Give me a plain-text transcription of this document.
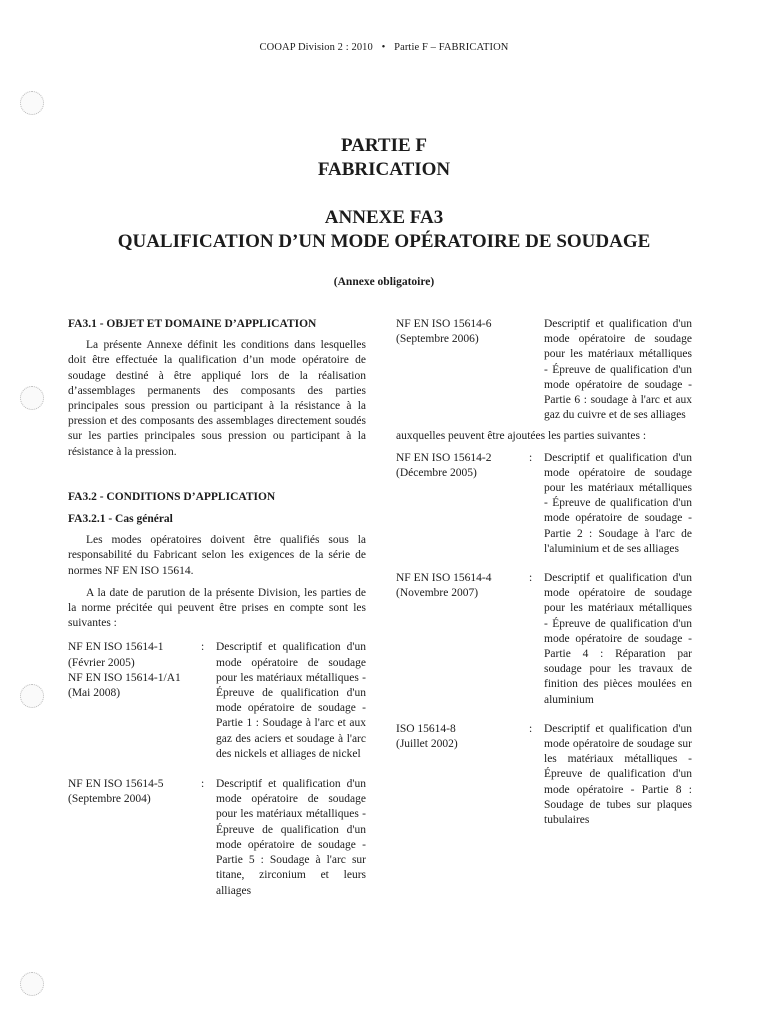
COOAP Division 2 : 2010 • Partie F – FABRICATION
PARTIE F
FABRICATION
ANNEXE FA3
QUALIFICATION D’UN MODE OPÉRATOIRE DE SOUDAGE
(Annexe obligatoire)
FA3.1 - OBJET ET DOMAINE D’APPLICATION

La présente Annexe définit les conditions dans lesquelles doit être effectuée la qualification d’un mode opératoire de soudage destiné à être appliqué lors de la réalisation d’assemblages permanents des composants des parties principales sous pression ou participant à la résistance à la pression et des composants des assemblages directement soudés sur les parties principales sous pression ou participant à la résistance à la pression.

FA3.2 - CONDITIONS D’APPLICATION
FA3.2.1 - Cas général

Les modes opératoires doivent être qualifiés sous la responsabilité du Fabricant selon les exigences de la série de normes NF EN ISO 15614.

A la date de parution de la présente Division, les parties de la norme précitée qui peuvent être prises en compte sont les suivantes :

NF EN ISO 15614-1
(Février 2005)
NF EN ISO 15614-1/A1
(Mai 2008)
:	Descriptif et qualification d'un mode opératoire de soudage pour les matériaux métalliques - Épreuve de qualification d'un mode opératoire de soudage - Partie 1 : Soudage à l'arc et aux gaz des aciers et soudage à l'arc des nickels et alliages de nickel
NF EN ISO 15614-5
(Septembre 2004)
:	Descriptif et qualification d'un mode opératoire de soudage pour les matériaux métalliques - Épreuve de qualification d'un mode opératoire de soudage - Partie 5 : Soudage à l'arc sur titane, zirconium et leurs alliages
NF EN ISO 15614-6
(Septembre 2006)
Descriptif et qualification d'un mode opératoire de soudage pour les matériaux métalliques - Épreuve de qualification d'un mode opératoire de soudage - Partie 6 : soudage à l'arc et aux gaz du cuivre et de ses alliages
auxquelles peuvent être ajoutées les parties suivantes :
NF EN ISO 15614-2
(Décembre 2005)
:	Descriptif et qualification d'un mode opératoire de soudage pour les matériaux métalliques - Épreuve de qualification d'un mode opératoire de soudage - Partie 2 : Soudage à l'arc de l'aluminium et de ses alliages
NF EN ISO 15614-4
(Novembre 2007)
:	Descriptif et qualification d'un mode opératoire de soudage pour les matériaux métalliques - Épreuve de qualification d'un mode opératoire de soudage - Partie 4 : Réparation par soudage pour les travaux de finition des pièces moulées en aluminium
ISO 15614-8
(Juillet 2002)
:	Descriptif et qualification d'un mode opératoire de soudage sur les matériaux métalliques - Épreuve de qualification d'un mode opératoire - Partie 8 : Soudage de tubes sur plaques tubulaires
